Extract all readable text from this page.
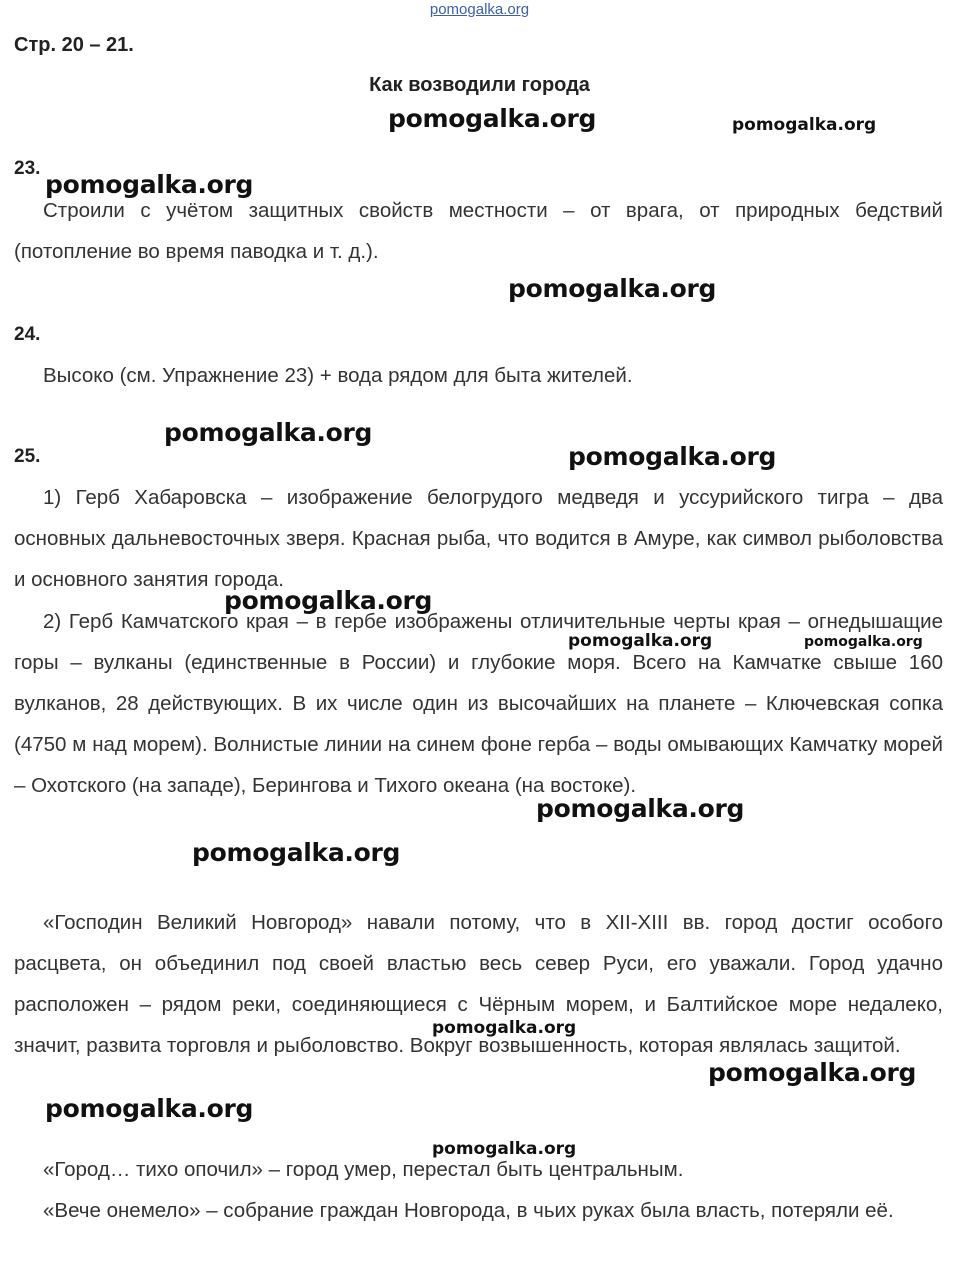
pomogalka.org
Стр. 20 – 21.
Как возводили города
23.
Строили с учётом защитных свойств местности – от врага, от природных бедствий (потопление во время паводка и т. д.).
24.
Высоко (см. Упражнение 23) + вода рядом для быта жителей.
25.
1) Герб Хабаровска – изображение белогрудого медведя и уссурийского тигра – два основных дальневосточных зверя. Красная рыба, что водится в Амуре, как символ рыболовства и основного занятия города.
2) Герб Камчатского края – в гербе изображены отличительные черты края – огнедышащие горы – вулканы (единственные в России) и глубокие моря. Всего на Камчатке свыше 160 вулканов, 28 действующих. В их числе один из высочайших на планете – Ключевская сопка (4750 м над морем). Волнистые линии на синем фоне герба – воды омывающих Камчатку морей – Охотского (на западе), Берингова и Тихого океана (на востоке).
«Господин Великий Новгород» навали потому, что в XII-XIII вв. город достиг особого расцвета, он объединил под своей властью весь север Руси, его уважали. Город удачно расположен – рядом реки, соединяющиеся с Чёрным морем, и Балтийское море недалеко, значит, развита торговля и рыболовство. Вокруг возвышенность, которая являлась защитой.
«Город… тихо опочил» – город умер, перестал быть центральным.
«Вече онемело» – собрание граждан Новгорода, в чьих руках была власть, потеряли её.
pomogalka.org	pomogalka.org
pomogalka.org
pomogalka.org
pomogalka.org
pomogalka.org
pomogalka.org
pomogalka.org	pomogalka.org
pomogalka.org
pomogalka.org
pomogalka.org
pomogalka.org
pomogalka.org
pomogalka.org
